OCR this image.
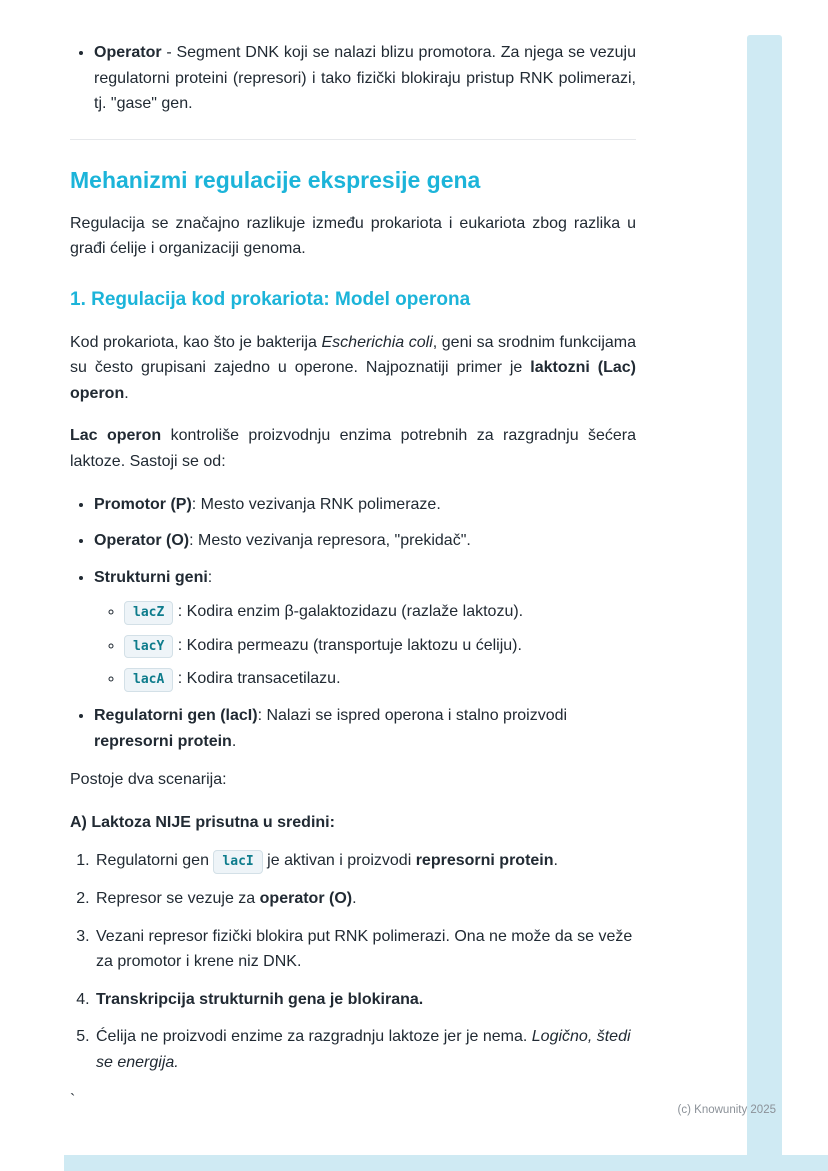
• Operator - Segment DNK koji se nalazi blizu promotora. Za njega se vezuju regulatorni proteini (represori) i tako fizički blokiraju pristup RNK polimerazi, tj. "gase" gen.
Mehanizmi regulacije ekspresije gena

Regulacija se značajno razlikuje između prokariota i eukariota zbog razlika u građi ćelije i organizaciji genoma.

1. Regulacija kod prokariota: Model operona

Kod prokariota, kao što je bakterija Escherichia coli, geni sa srodnim funkcijama su često grupisani zajedno u operone. Najpoznatiji primer je laktozni (Lac) operon.

Lac operon kontroliše proizvodnju enzima potrebnih za razgradnju šećera laktoze. Sastoji se od:

• Promotor (P): Mesto vezivanja RNK polimeraze.
• Operator (O): Mesto vezivanja represora, "prekidač".
• Strukturni geni:
◦ lacZ : Kodira enzim β-galaktozidazu (razlaže laktozu).
◦ lacY : Kodira permeazu (transportuje laktozu u ćeliju).
◦ lacA : Kodira transacetilazu.
• Regulatorni gen (lacI): Nalazi se ispred operona i stalno proizvodi represorni protein.

Postoje dva scenarija:

A) Laktoza NIJE prisutna u sredini:

1. Regulatorni gen lacI je aktivan i proizvodi represorni protein.
2. Represor se vezuje za operator (O).
3. Vezani represor fizički blokira put RNK polimerazi. Ona ne može da se veže za promotor i krene niz DNK.
4. Transkripcija strukturnih gena je blokirana.
5. Ćelija ne proizvodi enzime za razgradnju laktoze jer je nema. Logično, štedi se energija.

`

(c) Knowunity 2025
